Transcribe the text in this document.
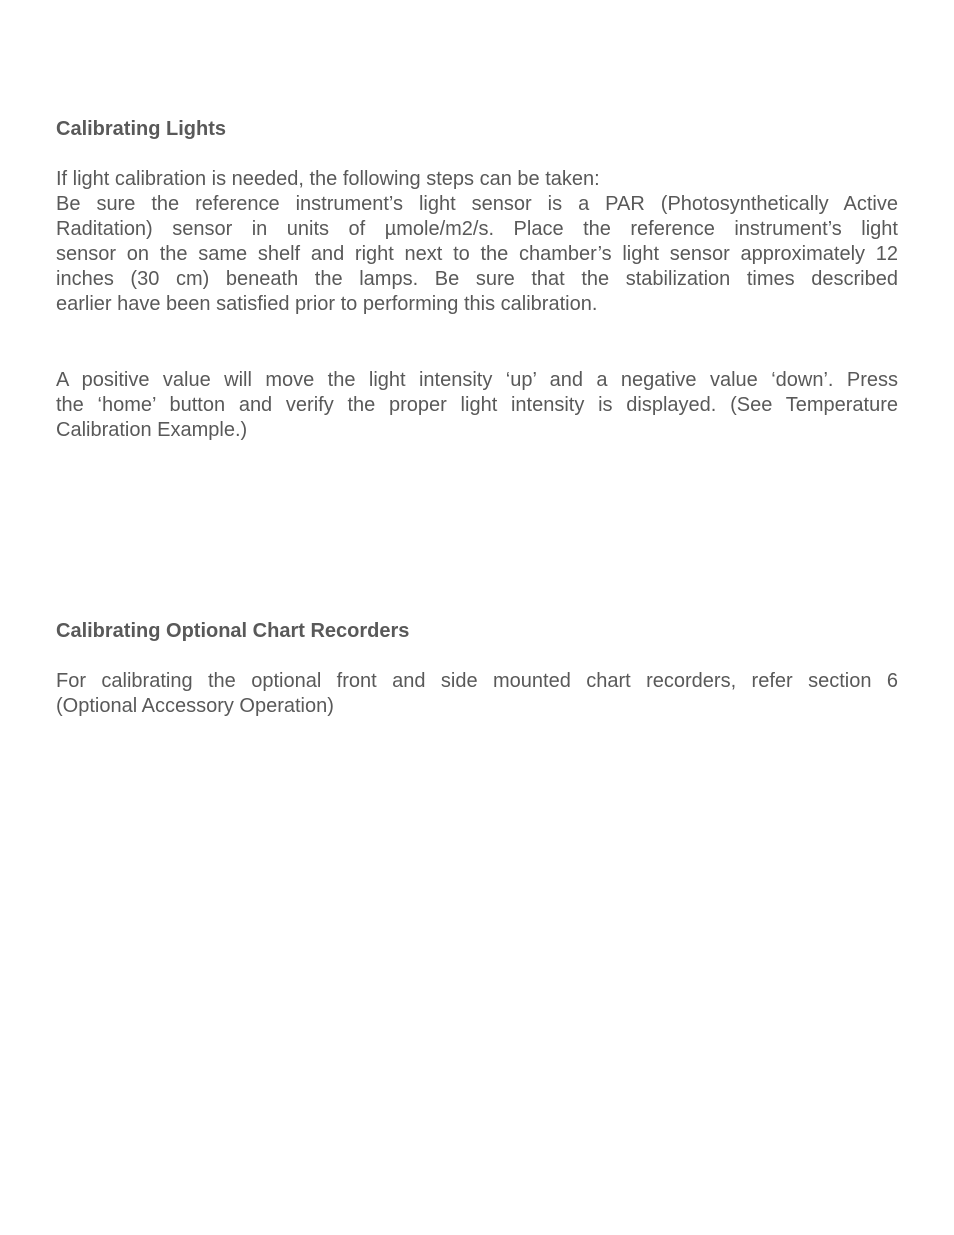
Calibrating Lights

If light calibration is needed, the following steps can be taken:

Be sure the reference instrument’s light sensor is a PAR (Photosynthetically Active
Raditation) sensor in units of µmole/m2/s. Place the reference instrument’s light
sensor on the same shelf and right next to the chamber’s light sensor approximately 12
inches (30 cm) beneath the lamps. Be sure that the stabilization times described
earlier have been satisfied prior to performing this calibration.

A positive value will move the light intensity ‘up’ and a negative value ‘down’. Press
the ‘home’ button and verify the proper light intensity is displayed. (See Temperature
Calibration Example.)

Calibrating Optional Chart Recorders

For calibrating the optional front and side mounted chart recorders, refer section 6
(Optional Accessory Operation)
